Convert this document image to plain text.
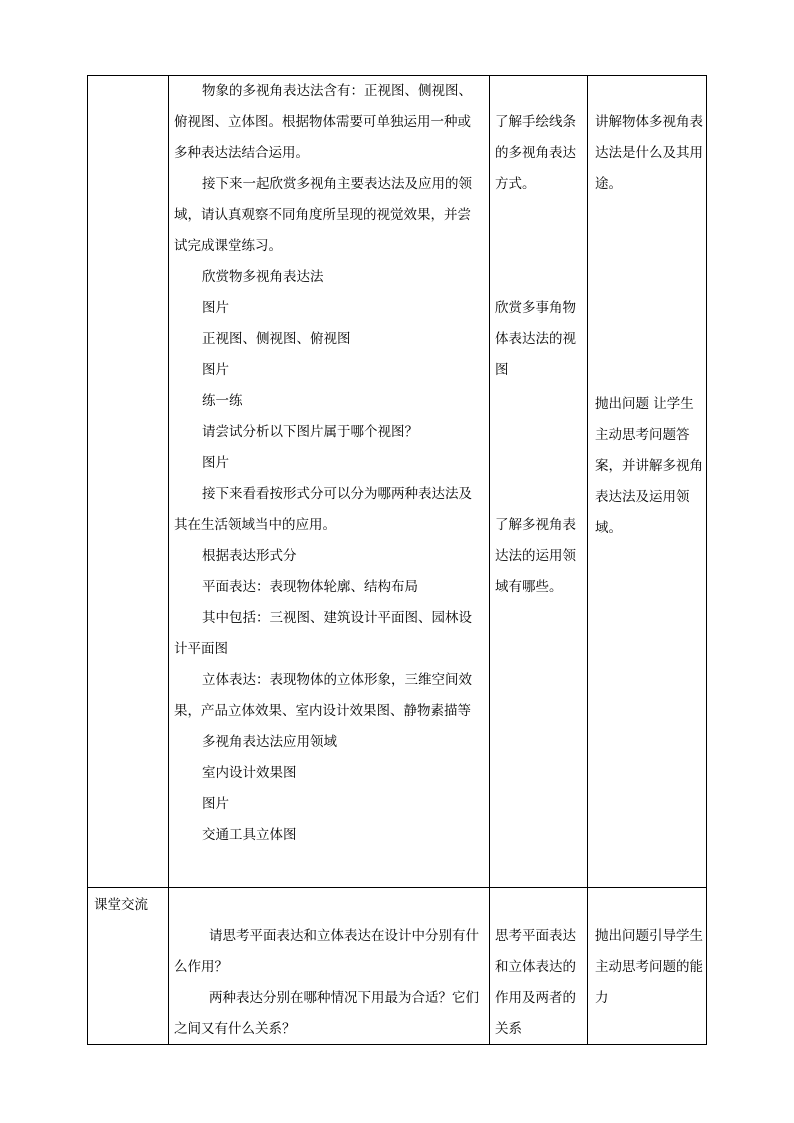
物象的多视角表达法含有：正视图、侧视图、俯视图、立体图。根据物体需要可单独运用一种或多种表达法结合运用。

接下来一起欣赏多视角主要表达法及应用的领域，请认真观察不同角度所呈现的视觉效果，并尝试完成课堂练习。

欣赏物多视角表达法

图片

正视图、侧视图、俯视图

图片

练一练

请尝试分析以下图片属于哪个视图？

图片

接下来看看按形式分可以分为哪两种表达法及其在生活领域当中的应用。

根据表达形式分

平面表达：表现物体轮廓、结构布局

其中包括：三视图、建筑设计平面图、园林设计平面图

立体表达：表现物体的立体形象，三维空间效果，产品立体效果、室内设计效果图、静物素描等

多视角表达法应用领域

室内设计效果图

图片

交通工具立体图

了解手绘线条的多视角表达方式。
欣赏多事角物体表达法的视图
了解多视角表达法的运用领域有哪些。
讲解物体多视角表达法是什么及其用途。
抛出问题 让学生主动思考问题答案，并讲解多视角表达法及运用领域。
课堂交流

请思考平面表达和立体表达在设计中分别有什么作用？

两种表达分别在哪种情况下用最为合适？它们之间又有什么关系？

思考平面表达和立体表达的作用及两者的关系
抛出问题引导学生主动思考问题的能力
